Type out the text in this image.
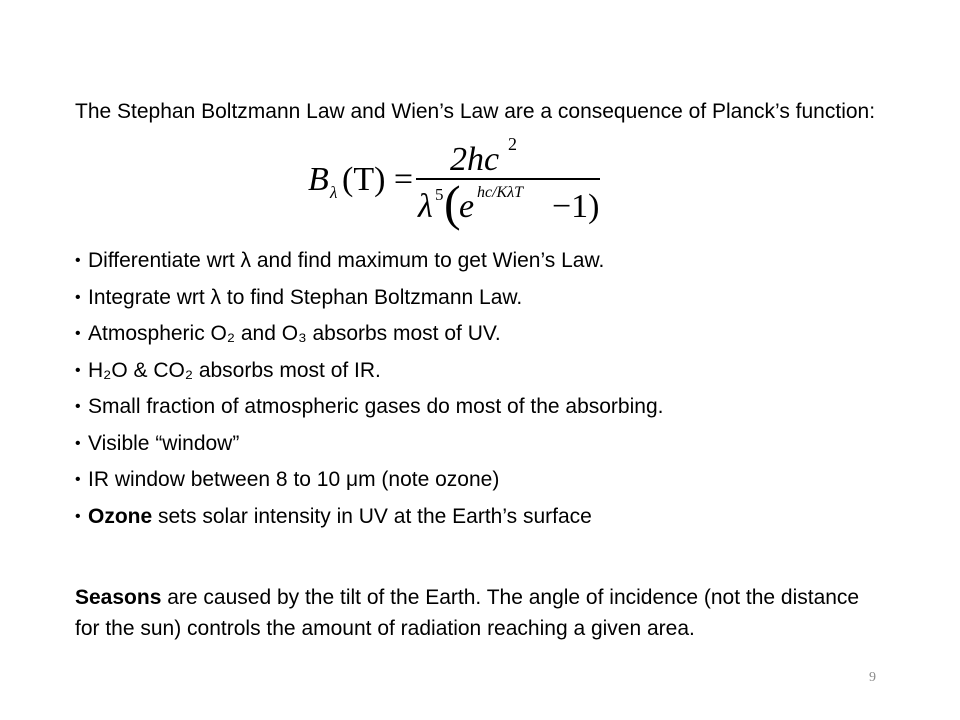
The Stephan Boltzmann Law and Wien’s Law are a consequence of Planck’s function:

B λ (T) =
2hc 2
λ 5 (
e hc/KλT −1)
• Differentiate wrt λ and find maximum to get Wien’s Law.
• Integrate wrt λ to find Stephan Boltzmann Law.
• Atmospheric O₂ and O₃ absorbs most of UV.
• H₂O & CO₂ absorbs most of IR.
• Small fraction of atmospheric gases do most of the absorbing.
• Visible “window”
• IR window between 8 to 10 μm (note ozone)
• Ozone sets solar intensity in UV at the Earth’s surface

Seasons are caused by the tilt of the Earth. The angle of incidence (not the distance for the sun) controls the amount of radiation reaching a given area.

9
